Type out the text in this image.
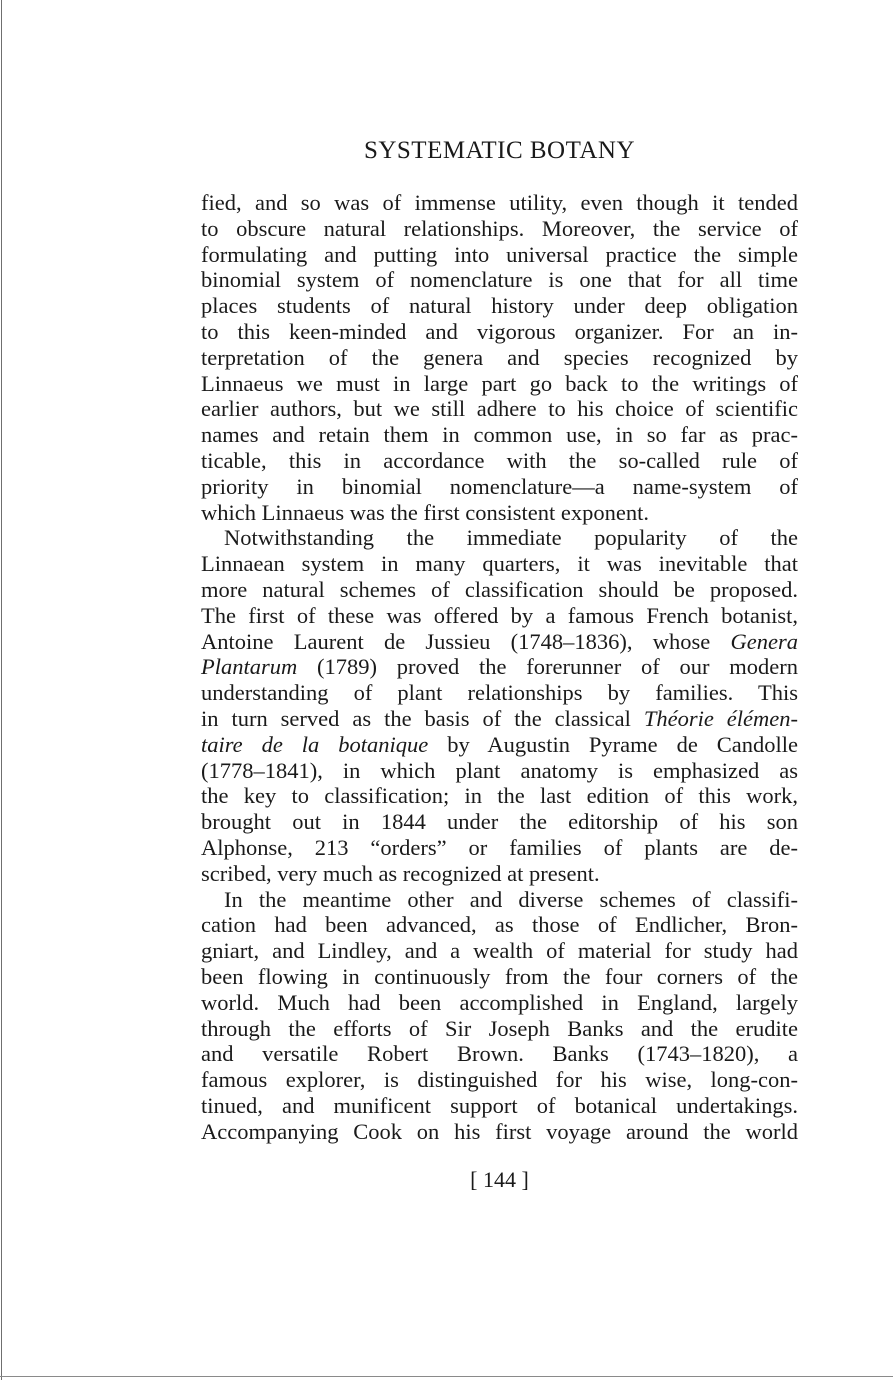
SYSTEMATIC BOTANY
fied, and so was of immense utility, even though it tended
to obscure natural relationships. Moreover, the service of
formulating and putting into universal practice the simple
binomial system of nomenclature is one that for all time
places students of natural history under deep obligation
to this keen-minded and vigorous organizer. For an in-
terpretation of the genera and species recognized by
Linnaeus we must in large part go back to the writings of
earlier authors, but we still adhere to his choice of scientific
names and retain them in common use, in so far as prac-
ticable, this in accordance with the so-called rule of
priority in binomial nomenclature—a name-system of
which Linnaeus was the first consistent exponent.
Notwithstanding the immediate popularity of the
Linnaean system in many quarters, it was inevitable that
more natural schemes of classification should be proposed.
The first of these was offered by a famous French botanist,
Antoine Laurent de Jussieu (1748–1836), whose Genera
Plantarum (1789) proved the forerunner of our modern
understanding of plant relationships by families. This
in turn served as the basis of the classical Théorie élémen-
taire de la botanique by Augustin Pyrame de Candolle
(1778–1841), in which plant anatomy is emphasized as
the key to classification; in the last edition of this work,
brought out in 1844 under the editorship of his son
Alphonse, 213 “orders” or families of plants are de-
scribed, very much as recognized at present.
In the meantime other and diverse schemes of classifi-
cation had been advanced, as those of Endlicher, Bron-
gniart, and Lindley, and a wealth of material for study had
been flowing in continuously from the four corners of the
world. Much had been accomplished in England, largely
through the efforts of Sir Joseph Banks and the erudite
and versatile Robert Brown. Banks (1743–1820), a
famous explorer, is distinguished for his wise, long-con-
tinued, and munificent support of botanical undertakings.
Accompanying Cook on his first voyage around the world
[ 144 ]
